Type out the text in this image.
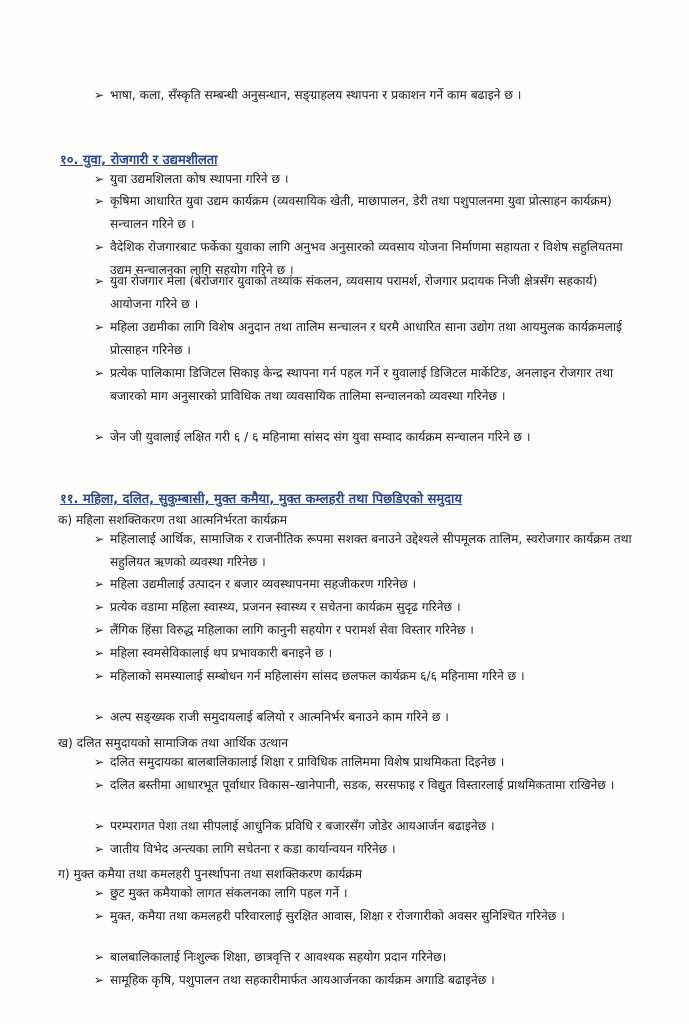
➢ भाषा, कला, सँस्कृति सम्बन्धी अनुसन्धान, सङ्ग्राहलय स्थापना र प्रकाशन गर्ने काम बढाइने छ ।
१०. युवा, रोजगारी र उद्यमशीलता
➢ युवा उद्यमशिलता कोष स्थापना गरिने छ ।
➢ कृषिमा आधारित युवा उद्यम कार्यक्रम (व्यवसायिक खेती, माछापालन, डेरी तथा पशुपालनमा युवा प्रोत्साहन कार्यक्रम) सन्चालन गरिने छ ।
➢ वैदेशिक रोजगारबाट फर्केका युवाका लागि अनुभव अनुसारको व्यवसाय योजना निर्माणमा सहायता र विशेष सहुलियतमा उद्यम सन्चालनका लागि सहयोग गरिने छ ।
➢ युवा रोजगार मेला (बेरोजगार युवाको तथ्यांक संकलन, व्यवसाय परामर्श, रोजगार प्रदायक निजी क्षेत्रसँग सहकार्य) आयोजना गरिने छ ।
➢ महिला उद्यमीका लागि विशेष अनुदान तथा तालिम सन्चालन र घरमै आधारित साना उद्योग तथा आयमुलक कार्यक्रमलाई प्रोत्साहन गरिनेछ ।
➢ प्रत्येक पालिकामा डिजिटल सिकाइ केन्द्र स्थापना गर्न पहल गर्ने र युवालाई डिजिटल मार्केटिङ, अनलाइन रोजगार तथा बजारको माग अनुसारको प्राविधिक तथा व्यवसायिक तालिमा सन्चालनको व्यवस्था गरिनेछ ।
➢ जेन जी युवालाई लक्षित गरी ६ / ६ महिनामा सांसद संग युवा सम्वाद कार्यक्रम सन्चालन गरिने छ ।
११. महिला, दलित, सुकुम्बासी, मुक्त कमैया, मुक्त कम्लहरी तथा पिछडिएको समुदाय
क) महिला सशक्तिकरण तथा आत्मनिर्भरता कार्यक्रम
➢ महिलालाई आर्थिक, सामाजिक र राजनीतिक रूपमा सशक्त बनाउने उद्देश्यले सीपमूलक तालिम, स्वरोजगार कार्यक्रम तथा सहुलियत ऋणको व्यवस्था गरिनेछ ।
➢ महिला उद्यमीलाई उत्पादन र बजार व्यवस्थापनमा सहजीकरण गरिनेछ ।
➢ प्रत्येक वडामा महिला स्वास्थ्य, प्रजनन स्वास्थ्य र सचेतना कार्यक्रम सुदृढ गरिनेछ ।
➢ लैंगिक हिंसा विरुद्ध महिलाका लागि कानुनी सहयोग र परामर्श सेवा विस्तार गरिनेछ ।
➢ महिला स्वमसेविकालाई थप प्रभावकारी बनाइने छ ।
➢ महिलाको समस्यालाई सम्बोधन गर्न महिलासंग सांसद छलफल कार्यक्रम ६/६ महिनामा गरिने छ ।
➢ अल्प सङ्ख्यक राजी समुदायलाई बलियो र आत्मनिर्भर बनाउने काम गरिने छ ।
ख) दलित समुदायको सामाजिक तथा आर्थिक उत्थान
➢ दलित समुदायका बालबालिकालाई शिक्षा र प्राविधिक तालिममा विशेष प्राथमिकता दिइनेछ ।
➢ दलित बस्तीमा आधारभूत पूर्वाधार विकास–खानेपानी, सडक, सरसफाइ र विद्युत विस्तारलाई प्राथमिकतामा राखिनेछ ।
➢ परम्परागत पेशा तथा सीपलाई आधुनिक प्रविधि र बजारसँग जोडेर आयआर्जन बढाइनेछ ।
➢ जातीय विभेद अन्त्यका लागि सचेतना र कडा कार्यान्वयन गरिनेछ ।
ग) मुक्त कमैया तथा कमलहरी पुनर्स्थापना तथा सशक्तिकरण कार्यक्रम
➢ छुट मुक्त कमैयाको लागत संकलनका लागि पहल गर्ने ।
➢ मुक्त, कमैया तथा कमलहरी परिवारलाई सुरक्षित आवास, शिक्षा र रोजगारीको अवसर सुनिश्चित गरिनेछ ।
➢ बालबालिकालाई निःशुल्क शिक्षा, छात्रवृत्ति र आवश्यक सहयोग प्रदान गरिनेछ।
➢ सामूहिक कृषि, पशुपालन तथा सहकारीमार्फत आयआर्जनका कार्यक्रम अगाडि बढाइनेछ ।
